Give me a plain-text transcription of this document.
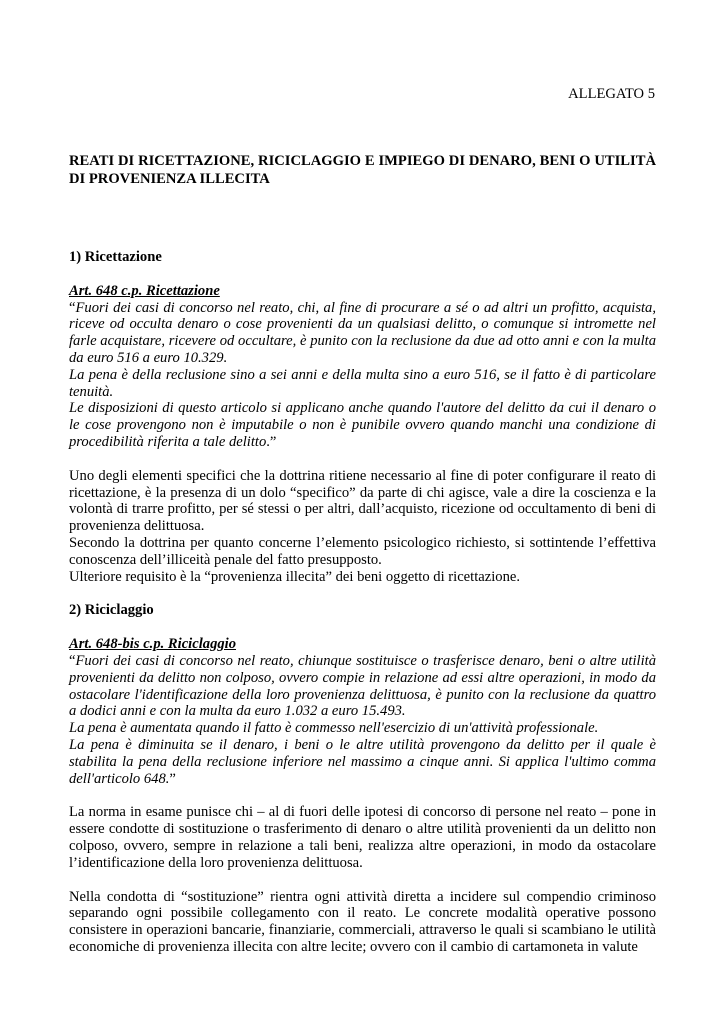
ALLEGATO 5

REATI DI RICETTAZIONE, RICICLAGGIO E IMPIEGO DI DENARO, BENI O UTILITÀ DI PROVENIENZA ILLECITA

1) Ricettazione

Art. 648 c.p. Ricettazione

“Fuori dei casi di concorso nel reato, chi, al fine di procurare a sé o ad altri un profitto, acquista, riceve od occulta denaro o cose provenienti da un qualsiasi delitto, o comunque si intromette nel farle acquistare, ricevere od occultare, è punito con la reclusione da due ad otto anni e con la multa da euro 516 a euro 10.329.

La pena è della reclusione sino a sei anni e della multa sino a euro 516, se il fatto è di particolare tenuità.

Le disposizioni di questo articolo si applicano anche quando l'autore del delitto da cui il denaro o le cose provengono non è imputabile o non è punibile ovvero quando manchi una condizione di procedibilità riferita a tale delitto.”

Uno degli elementi specifici che la dottrina ritiene necessario al fine di poter configurare il reato di ricettazione, è la presenza di un dolo “specifico” da parte di chi agisce, vale a dire la coscienza e la volontà di trarre profitto, per sé stessi o per altri, dall’acquisto, ricezione od occultamento di beni di provenienza delittuosa.

Secondo la dottrina per quanto concerne l’elemento psicologico richiesto, si sottintende l’effettiva conoscenza dell’illiceità penale del fatto presupposto.

Ulteriore requisito è la “provenienza illecita” dei beni oggetto di ricettazione.

2) Riciclaggio

Art. 648-bis c.p. Riciclaggio

“Fuori dei casi di concorso nel reato, chiunque sostituisce o trasferisce denaro, beni o altre utilità provenienti da delitto non colposo, ovvero compie in relazione ad essi altre operazioni, in modo da ostacolare l'identificazione della loro provenienza delittuosa, è punito con la reclusione da quattro a dodici anni e con la multa da euro 1.032 a euro 15.493.

La pena è aumentata quando il fatto è commesso nell'esercizio di un'attività professionale.

La pena è diminuita se il denaro, i beni o le altre utilità provengono da delitto per il quale è stabilita la pena della reclusione inferiore nel massimo a cinque anni. Si applica l'ultimo comma dell'articolo 648.”

La norma in esame punisce chi – al di fuori delle ipotesi di concorso di persone nel reato – pone in essere condotte di sostituzione o trasferimento di denaro o altre utilità provenienti da un delitto non colposo, ovvero, sempre in relazione a tali beni, realizza altre operazioni, in modo da ostacolare l’identificazione della loro provenienza delittuosa.

Nella condotta di “sostituzione” rientra ogni attività diretta a incidere sul compendio criminoso separando ogni possibile collegamento con il reato. Le concrete modalità operative possono consistere in operazioni bancarie, finanziarie, commerciali, attraverso le quali si scambiano le utilità economiche di provenienza illecita con altre lecite; ovvero con il cambio di cartamoneta in valute
